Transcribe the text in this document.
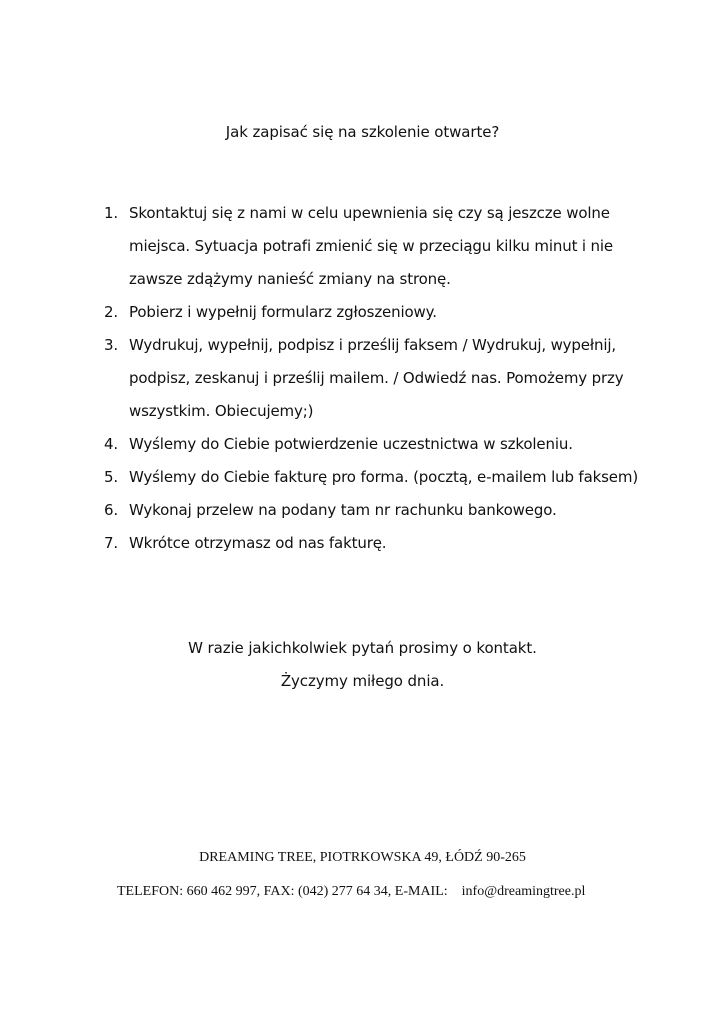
Jak zapisać się na szkolenie otwarte?
1. Skontaktuj się z nami w celu upewnienia się czy są jeszcze wolne miejsca. Sytuacja potrafi zmienić się w przeciągu kilku minut i nie zawsze zdążymy nanieść zmiany na stronę.
2. Pobierz i wypełnij formularz zgłoszeniowy.
3. Wydrukuj, wypełnij, podpisz i prześlij faksem / Wydrukuj, wypełnij, podpisz, zeskanuj i prześlij mailem. / Odwiedź nas. Pomożemy przy wszystkim. Obiecujemy;)
4. Wyślemy do Ciebie potwierdzenie uczestnictwa w szkoleniu.
5. Wyślemy do Ciebie fakturę pro forma. (pocztą, e-mailem lub faksem)
6. Wykonaj przelew na podany tam nr rachunku bankowego.
7. Wkrótce otrzymasz od nas fakturę.
W razie jakichkolwiek pytań prosimy o kontakt.
Życzymy miłego dnia.
DREAMING TREE, PIOTRKOWSKA 49, ŁÓDŹ 90-265
TELEFON: 660 462 997, FAX: (042) 277 64 34, E-MAIL:    info@dreamingtree.pl
